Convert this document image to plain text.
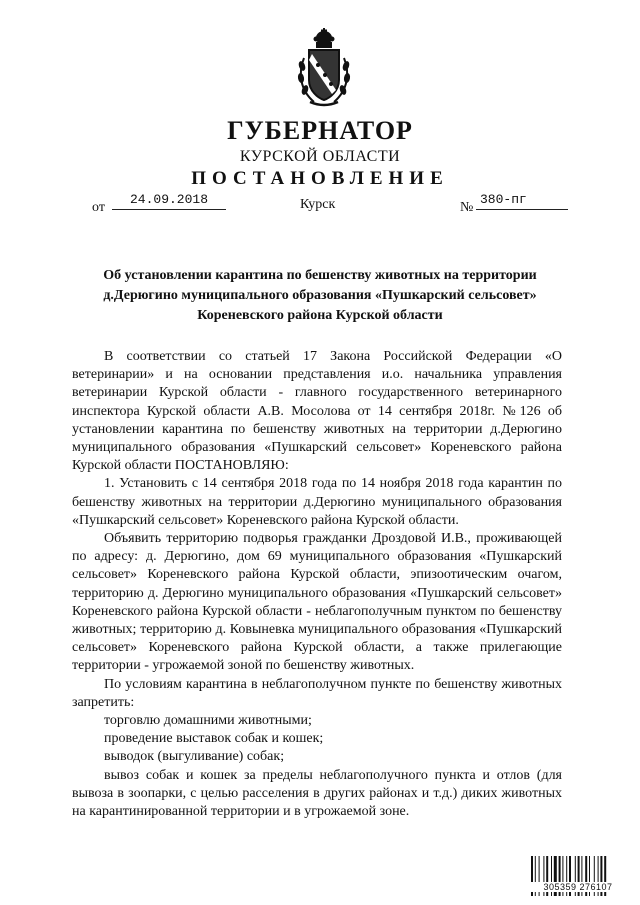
ГУБЕРНАТОР
КУРСКОЙ ОБЛАСТИ
ПОСТАНОВЛЕНИЕ
от
24.09.2018	Курск	№
380-пг
Об установлении карантина по бешенству животных на территории
д.Дерюгино муниципального образования «Пушкарский сельсовет»
Кореневского района Курской области

В соответствии со статьей 17 Закона Российской Федерации «О ветеринарии» и на основании представления и.о. начальника управления ветеринарии Курской области - главного государственного ветеринарного инспектора Курской области А.В. Мосолова от 14 сентября 2018г. №126 об установлении карантина по бешенству животных на территории д.Дерюгино муниципального образования «Пушкарский сельсовет» Кореневского района Курской области ПОСТАНОВЛЯЮ:

1. Установить с 14 сентября 2018 года по 14 ноября 2018 года карантин по бешенству животных на территории д.Дерюгино муниципального образования «Пушкарский сельсовет» Кореневского района Курской области.

Объявить территорию подворья гражданки Дроздовой И.В., проживающей по адресу: д. Дерюгино, дом 69 муниципального образования «Пушкарский сельсовет» Кореневского района Курской области, эпизоотическим очагом, территорию д. Дерюгино муниципального образования «Пушкарский сельсовет» Кореневского района Курской области - неблагополучным пунктом по бешенству животных; территорию д. Ковыневка муниципального образования «Пушкарский сельсовет» Кореневского района Курской области, а также прилегающие территории - угрожаемой зоной по бешенству животных.

По условиям карантина в неблагополучном пункте по бешенству животных запретить:

торговлю домашними животными;

проведение выставок собак и кошек;

выводок (выгуливание) собак;

вывоз собак и кошек за пределы неблагополучного пункта и отлов (для вывоза в зоопарки, с целью расселения в других районах и т.д.) диких животных на карантинированной территории и в угрожаемой зоне.

305359 276107
